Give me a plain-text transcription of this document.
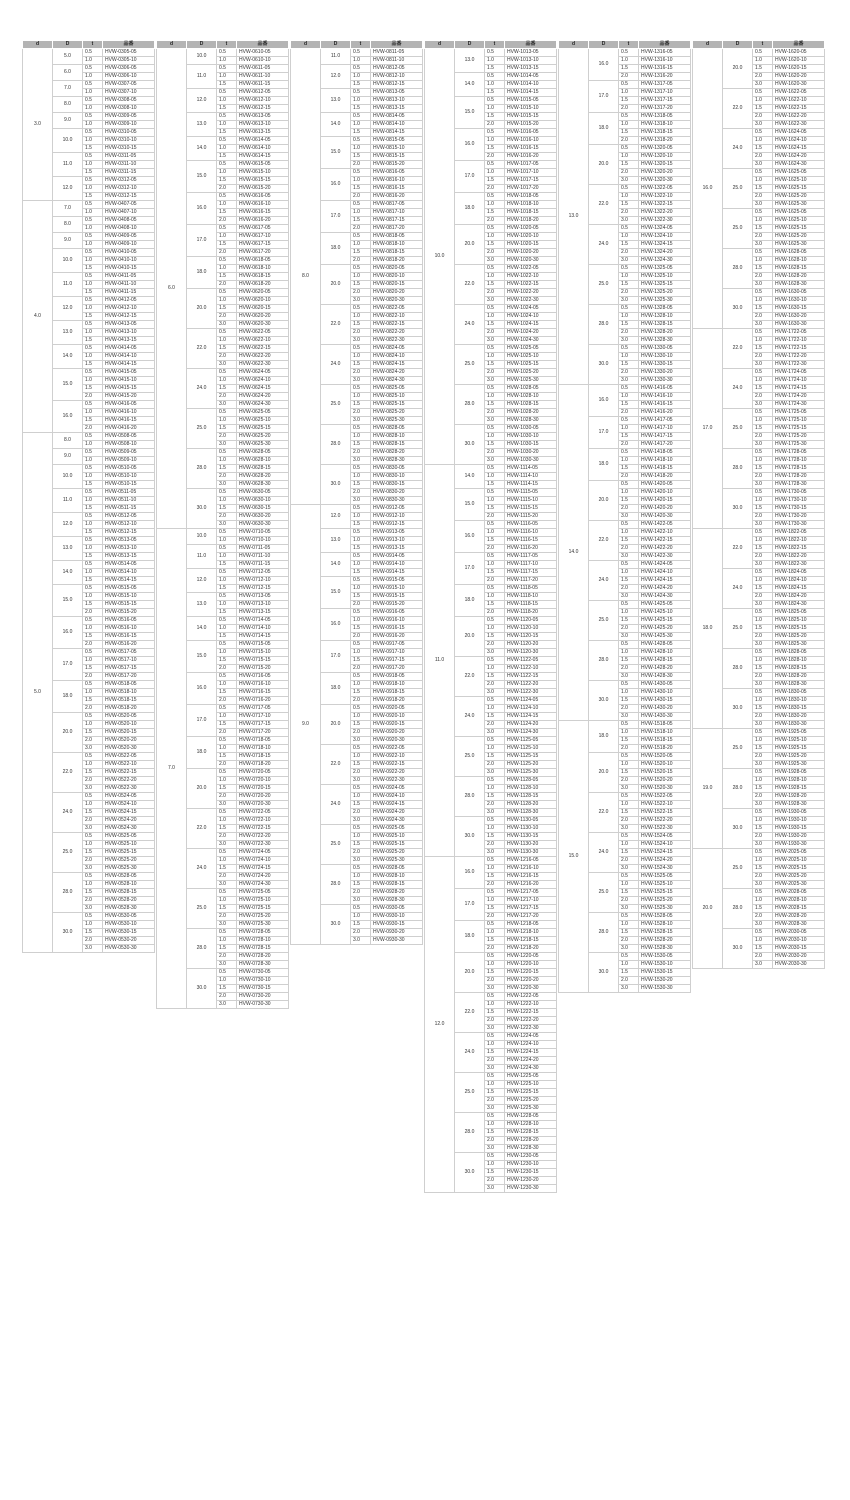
d	D	t	品番
3.0	5.0	0.5	HVW-0305-05
		1.0	HVW-0305-10
	6.0	0.5	HVW-0306-05
		1.0	HVW-0306-10
	7.0	0.5	HVW-0307-05
		1.0	HVW-0307-10
	8.0	0.5	HVW-0308-05
		1.0	HVW-0308-10
	9.0	0.5	HVW-0309-05
		1.0	HVW-0309-10
	10.0	0.5	HVW-0310-05
		1.0	HVW-0310-10
		1.5	HVW-0310-15
	11.0	0.5	HVW-0311-05
		1.0	HVW-0311-10
		1.5	HVW-0311-15
	12.0	0.5	HVW-0312-05
		1.0	HVW-0312-10
		1.5	HVW-0312-15
4.0	7.0	0.5	HVW-0407-05
		1.0	HVW-0407-10
	8.0	0.5	HVW-0408-05
		1.0	HVW-0408-10
	9.0	0.5	HVW-0409-05
		1.0	HVW-0409-10
	10.0	0.5	HVW-0410-05
		1.0	HVW-0410-10
		1.5	HVW-0410-15
	11.0	0.5	HVW-0411-05
		1.0	HVW-0411-10
		1.5	HVW-0411-15
	12.0	0.5	HVW-0412-05
		1.0	HVW-0412-10
		1.5	HVW-0412-15
	13.0	0.5	HVW-0413-05
		1.0	HVW-0413-10
		1.5	HVW-0413-15
	14.0	0.5	HVW-0414-05
		1.0	HVW-0414-10
		1.5	HVW-0414-15
	15.0	0.5	HVW-0415-05
		1.0	HVW-0415-10
		1.5	HVW-0415-15
		2.0	HVW-0415-20
	16.0	0.5	HVW-0416-05
		1.0	HVW-0416-10
		1.5	HVW-0416-15
		2.0	HVW-0416-20
5.0	8.0	0.5	HVW-0508-05
		1.0	HVW-0508-10
	9.0	0.5	HVW-0509-05
		1.0	HVW-0509-10
	10.0	0.5	HVW-0510-05
		1.0	HVW-0510-10
		1.5	HVW-0510-15
	11.0	0.5	HVW-0511-05
		1.0	HVW-0511-10
		1.5	HVW-0511-15
	12.0	0.5	HVW-0512-05
		1.0	HVW-0512-10
		1.5	HVW-0512-15
	13.0	0.5	HVW-0513-05
		1.0	HVW-0513-10
		1.5	HVW-0513-15
	14.0	0.5	HVW-0514-05
		1.0	HVW-0514-10
		1.5	HVW-0514-15
	15.0	0.5	HVW-0515-05
		1.0	HVW-0515-10
		1.5	HVW-0515-15
		2.0	HVW-0515-20
	16.0	0.5	HVW-0516-05
		1.0	HVW-0516-10
		1.5	HVW-0516-15
		2.0	HVW-0516-20
	17.0	0.5	HVW-0517-05
		1.0	HVW-0517-10
		1.5	HVW-0517-15
		2.0	HVW-0517-20
	18.0	0.5	HVW-0518-05
		1.0	HVW-0518-10
		1.5	HVW-0518-15
		2.0	HVW-0518-20
	20.0	0.5	HVW-0520-05
		1.0	HVW-0520-10
		1.5	HVW-0520-15
		2.0	HVW-0520-20
		3.0	HVW-0520-30
	22.0	0.5	HVW-0522-05
		1.0	HVW-0522-10
		1.5	HVW-0522-15
		2.0	HVW-0522-20
		3.0	HVW-0522-30
	24.0	0.5	HVW-0524-05
		1.0	HVW-0524-10
		1.5	HVW-0524-15
		2.0	HVW-0524-20
		3.0	HVW-0524-30
	25.0	0.5	HVW-0525-05
		1.0	HVW-0525-10
		1.5	HVW-0525-15
		2.0	HVW-0525-20
		3.0	HVW-0525-30
	28.0	0.5	HVW-0528-05
		1.0	HVW-0528-10
		1.5	HVW-0528-15
		2.0	HVW-0528-20
		3.0	HVW-0528-30
	30.0	0.5	HVW-0530-05
		1.0	HVW-0530-10
		1.5	HVW-0530-15
		2.0	HVW-0530-20
		3.0	HVW-0530-30
d	D	t	品番
6.0	10.0	0.5	HVW-0610-05
		1.0	HVW-0610-10
	11.0	0.5	HVW-0611-05
		1.0	HVW-0611-10
		1.5	HVW-0611-15
	12.0	0.5	HVW-0612-05
		1.0	HVW-0612-10
		1.5	HVW-0612-15
	13.0	0.5	HVW-0613-05
		1.0	HVW-0613-10
		1.5	HVW-0613-15
	14.0	0.5	HVW-0614-05
		1.0	HVW-0614-10
		1.5	HVW-0614-15
	15.0	0.5	HVW-0615-05
		1.0	HVW-0615-10
		1.5	HVW-0615-15
		2.0	HVW-0615-20
	16.0	0.5	HVW-0616-05
		1.0	HVW-0616-10
		1.5	HVW-0616-15
		2.0	HVW-0616-20
	17.0	0.5	HVW-0617-05
		1.0	HVW-0617-10
		1.5	HVW-0617-15
		2.0	HVW-0617-20
	18.0	0.5	HVW-0618-05
		1.0	HVW-0618-10
		1.5	HVW-0618-15
		2.0	HVW-0618-20
	20.0	0.5	HVW-0620-05
		1.0	HVW-0620-10
		1.5	HVW-0620-15
		2.0	HVW-0620-20
		3.0	HVW-0620-30
	22.0	0.5	HVW-0622-05
		1.0	HVW-0622-10
		1.5	HVW-0622-15
		2.0	HVW-0622-20
		3.0	HVW-0622-30
	24.0	0.5	HVW-0624-05
		1.0	HVW-0624-10
		1.5	HVW-0624-15
		2.0	HVW-0624-20
		3.0	HVW-0624-30
	25.0	0.5	HVW-0625-05
		1.0	HVW-0625-10
		1.5	HVW-0625-15
		2.0	HVW-0625-20
		3.0	HVW-0625-30
	28.0	0.5	HVW-0628-05
		1.0	HVW-0628-10
		1.5	HVW-0628-15
		2.0	HVW-0628-20
		3.0	HVW-0628-30
	30.0	0.5	HVW-0630-05
		1.0	HVW-0630-10
		1.5	HVW-0630-15
		2.0	HVW-0630-20
		3.0	HVW-0630-30
7.0	10.0	0.5	HVW-0710-05
		1.0	HVW-0710-10
	11.0	0.5	HVW-0711-05
		1.0	HVW-0711-10
		1.5	HVW-0711-15
	12.0	0.5	HVW-0712-05
		1.0	HVW-0712-10
		1.5	HVW-0712-15
	13.0	0.5	HVW-0713-05
		1.0	HVW-0713-10
		1.5	HVW-0713-15
	14.0	0.5	HVW-0714-05
		1.0	HVW-0714-10
		1.5	HVW-0714-15
	15.0	0.5	HVW-0715-05
		1.0	HVW-0715-10
		1.5	HVW-0715-15
		2.0	HVW-0715-20
	16.0	0.5	HVW-0716-05
		1.0	HVW-0716-10
		1.5	HVW-0716-15
		2.0	HVW-0716-20
	17.0	0.5	HVW-0717-05
		1.0	HVW-0717-10
		1.5	HVW-0717-15
		2.0	HVW-0717-20
	18.0	0.5	HVW-0718-05
		1.0	HVW-0718-10
		1.5	HVW-0718-15
		2.0	HVW-0718-20
	20.0	0.5	HVW-0720-05
		1.0	HVW-0720-10
		1.5	HVW-0720-15
		2.0	HVW-0720-20
		3.0	HVW-0720-30
	22.0	0.5	HVW-0722-05
		1.0	HVW-0722-10
		1.5	HVW-0722-15
		2.0	HVW-0722-20
		3.0	HVW-0722-30
	24.0	0.5	HVW-0724-05
		1.0	HVW-0724-10
		1.5	HVW-0724-15
		2.0	HVW-0724-20
		3.0	HVW-0724-30
	25.0	0.5	HVW-0725-05
		1.0	HVW-0725-10
		1.5	HVW-0725-15
		2.0	HVW-0725-20
		3.0	HVW-0725-30
	28.0	0.5	HVW-0728-05
		1.0	HVW-0728-10
		1.5	HVW-0728-15
		2.0	HVW-0728-20
		3.0	HVW-0728-30
	30.0	0.5	HVW-0730-05
		1.0	HVW-0730-10
		1.5	HVW-0730-15
		2.0	HVW-0730-20
		3.0	HVW-0730-30
d	D	t	品番
8.0	11.0	0.5	HVW-0811-05
		1.0	HVW-0811-10
	12.0	0.5	HVW-0812-05
		1.0	HVW-0812-10
		1.5	HVW-0812-15
	13.0	0.5	HVW-0813-05
		1.0	HVW-0813-10
		1.5	HVW-0813-15
	14.0	0.5	HVW-0814-05
		1.0	HVW-0814-10
		1.5	HVW-0814-15
	15.0	0.5	HVW-0815-05
		1.0	HVW-0815-10
		1.5	HVW-0815-15
		2.0	HVW-0815-20
	16.0	0.5	HVW-0816-05
		1.0	HVW-0816-10
		1.5	HVW-0816-15
		2.0	HVW-0816-20
	17.0	0.5	HVW-0817-05
		1.0	HVW-0817-10
		1.5	HVW-0817-15
		2.0	HVW-0817-20
	18.0	0.5	HVW-0818-05
		1.0	HVW-0818-10
		1.5	HVW-0818-15
		2.0	HVW-0818-20
	20.0	0.5	HVW-0820-05
		1.0	HVW-0820-10
		1.5	HVW-0820-15
		2.0	HVW-0820-20
		3.0	HVW-0820-30
	22.0	0.5	HVW-0822-05
		1.0	HVW-0822-10
		1.5	HVW-0822-15
		2.0	HVW-0822-20
		3.0	HVW-0822-30
	24.0	0.5	HVW-0824-05
		1.0	HVW-0824-10
		1.5	HVW-0824-15
		2.0	HVW-0824-20
		3.0	HVW-0824-30
	25.0	0.5	HVW-0825-05
		1.0	HVW-0825-10
		1.5	HVW-0825-15
		2.0	HVW-0825-20
		3.0	HVW-0825-30
	28.0	0.5	HVW-0828-05
		1.0	HVW-0828-10
		1.5	HVW-0828-15
		2.0	HVW-0828-20
		3.0	HVW-0828-30
	30.0	0.5	HVW-0830-05
		1.0	HVW-0830-10
		1.5	HVW-0830-15
		2.0	HVW-0830-20
		3.0	HVW-0830-30
9.0	12.0	0.5	HVW-0912-05
		1.0	HVW-0912-10
		1.5	HVW-0912-15
	13.0	0.5	HVW-0913-05
		1.0	HVW-0913-10
		1.5	HVW-0913-15
	14.0	0.5	HVW-0914-05
		1.0	HVW-0914-10
		1.5	HVW-0914-15
	15.0	0.5	HVW-0915-05
		1.0	HVW-0915-10
		1.5	HVW-0915-15
		2.0	HVW-0915-20
	16.0	0.5	HVW-0916-05
		1.0	HVW-0916-10
		1.5	HVW-0916-15
		2.0	HVW-0916-20
	17.0	0.5	HVW-0917-05
		1.0	HVW-0917-10
		1.5	HVW-0917-15
		2.0	HVW-0917-20
	18.0	0.5	HVW-0918-05
		1.0	HVW-0918-10
		1.5	HVW-0918-15
		2.0	HVW-0918-20
	20.0	0.5	HVW-0920-05
		1.0	HVW-0920-10
		1.5	HVW-0920-15
		2.0	HVW-0920-20
		3.0	HVW-0920-30
	22.0	0.5	HVW-0922-05
		1.0	HVW-0922-10
		1.5	HVW-0922-15
		2.0	HVW-0922-20
		3.0	HVW-0922-30
	24.0	0.5	HVW-0924-05
		1.0	HVW-0924-10
		1.5	HVW-0924-15
		2.0	HVW-0924-20
		3.0	HVW-0924-30
	25.0	0.5	HVW-0925-05
		1.0	HVW-0925-10
		1.5	HVW-0925-15
		2.0	HVW-0925-20
		3.0	HVW-0925-30
	28.0	0.5	HVW-0928-05
		1.0	HVW-0928-10
		1.5	HVW-0928-15
		2.0	HVW-0928-20
		3.0	HVW-0928-30
	30.0	0.5	HVW-0930-05
		1.0	HVW-0930-10
		1.5	HVW-0930-15
		2.0	HVW-0930-20
		3.0	HVW-0930-30
d	D	t	品番
10.0	13.0	0.5	HVW-1013-05
		1.0	HVW-1013-10
		1.5	HVW-1013-15
	14.0	0.5	HVW-1014-05
		1.0	HVW-1014-10
		1.5	HVW-1014-15
	15.0	0.5	HVW-1015-05
		1.0	HVW-1015-10
		1.5	HVW-1015-15
		2.0	HVW-1015-20
	16.0	0.5	HVW-1016-05
		1.0	HVW-1016-10
		1.5	HVW-1016-15
		2.0	HVW-1016-20
	17.0	0.5	HVW-1017-05
		1.0	HVW-1017-10
		1.5	HVW-1017-15
		2.0	HVW-1017-20
	18.0	0.5	HVW-1018-05
		1.0	HVW-1018-10
		1.5	HVW-1018-15
		2.0	HVW-1018-20
	20.0	0.5	HVW-1020-05
		1.0	HVW-1020-10
		1.5	HVW-1020-15
		2.0	HVW-1020-20
		3.0	HVW-1020-30
	22.0	0.5	HVW-1022-05
		1.0	HVW-1022-10
		1.5	HVW-1022-15
		2.0	HVW-1022-20
		3.0	HVW-1022-30
	24.0	0.5	HVW-1024-05
		1.0	HVW-1024-10
		1.5	HVW-1024-15
		2.0	HVW-1024-20
		3.0	HVW-1024-30
	25.0	0.5	HVW-1025-05
		1.0	HVW-1025-10
		1.5	HVW-1025-15
		2.0	HVW-1025-20
		3.0	HVW-1025-30
	28.0	0.5	HVW-1028-05
		1.0	HVW-1028-10
		1.5	HVW-1028-15
		2.0	HVW-1028-20
		3.0	HVW-1028-30
	30.0	0.5	HVW-1030-05
		1.0	HVW-1030-10
		1.5	HVW-1030-15
		2.0	HVW-1030-20
		3.0	HVW-1030-30
11.0	14.0	0.5	HVW-1114-05
		1.0	HVW-1114-10
		1.5	HVW-1114-15
	15.0	0.5	HVW-1115-05
		1.0	HVW-1115-10
		1.5	HVW-1115-15
		2.0	HVW-1115-20
	16.0	0.5	HVW-1116-05
		1.0	HVW-1116-10
		1.5	HVW-1116-15
		2.0	HVW-1116-20
	17.0	0.5	HVW-1117-05
		1.0	HVW-1117-10
		1.5	HVW-1117-15
		2.0	HVW-1117-20
	18.0	0.5	HVW-1118-05
		1.0	HVW-1118-10
		1.5	HVW-1118-15
		2.0	HVW-1118-20
	20.0	0.5	HVW-1120-05
		1.0	HVW-1120-10
		1.5	HVW-1120-15
		2.0	HVW-1120-20
		3.0	HVW-1120-30
	22.0	0.5	HVW-1122-05
		1.0	HVW-1122-10
		1.5	HVW-1122-15
		2.0	HVW-1122-20
		3.0	HVW-1122-30
	24.0	0.5	HVW-1124-05
		1.0	HVW-1124-10
		1.5	HVW-1124-15
		2.0	HVW-1124-20
		3.0	HVW-1124-30
	25.0	0.5	HVW-1125-05
		1.0	HVW-1125-10
		1.5	HVW-1125-15
		2.0	HVW-1125-20
		3.0	HVW-1125-30
	28.0	0.5	HVW-1128-05
		1.0	HVW-1128-10
		1.5	HVW-1128-15
		2.0	HVW-1128-20
		3.0	HVW-1128-30
	30.0	0.5	HVW-1130-05
		1.0	HVW-1130-10
		1.5	HVW-1130-15
		2.0	HVW-1130-20
		3.0	HVW-1130-30
12.0	16.0	0.5	HVW-1216-05
		1.0	HVW-1216-10
		1.5	HVW-1216-15
		2.0	HVW-1216-20
	17.0	0.5	HVW-1217-05
		1.0	HVW-1217-10
		1.5	HVW-1217-15
		2.0	HVW-1217-20
	18.0	0.5	HVW-1218-05
		1.0	HVW-1218-10
		1.5	HVW-1218-15
		2.0	HVW-1218-20
	20.0	0.5	HVW-1220-05
		1.0	HVW-1220-10
		1.5	HVW-1220-15
		2.0	HVW-1220-20
		3.0	HVW-1220-30
	22.0	0.5	HVW-1222-05
		1.0	HVW-1222-10
		1.5	HVW-1222-15
		2.0	HVW-1222-20
		3.0	HVW-1222-30
	24.0	0.5	HVW-1224-05
		1.0	HVW-1224-10
		1.5	HVW-1224-15
		2.0	HVW-1224-20
		3.0	HVW-1224-30
	25.0	0.5	HVW-1225-05
		1.0	HVW-1225-10
		1.5	HVW-1225-15
		2.0	HVW-1225-20
		3.0	HVW-1225-30
	28.0	0.5	HVW-1228-05
		1.0	HVW-1228-10
		1.5	HVW-1228-15
		2.0	HVW-1228-20
		3.0	HVW-1228-30
	30.0	0.5	HVW-1230-05
		1.0	HVW-1230-10
		1.5	HVW-1230-15
		2.0	HVW-1230-20
		3.0	HVW-1230-30
d	D	t	品番
13.0	16.0	0.5	HVW-1316-05
		1.0	HVW-1316-10
		1.5	HVW-1316-15
		2.0	HVW-1316-20
	17.0	0.5	HVW-1317-05
		1.0	HVW-1317-10
		1.5	HVW-1317-15
		2.0	HVW-1317-20
	18.0	0.5	HVW-1318-05
		1.0	HVW-1318-10
		1.5	HVW-1318-15
		2.0	HVW-1318-20
	20.0	0.5	HVW-1320-05
		1.0	HVW-1320-10
		1.5	HVW-1320-15
		2.0	HVW-1320-20
		3.0	HVW-1320-30
	22.0	0.5	HVW-1322-05
		1.0	HVW-1322-10
		1.5	HVW-1322-15
		2.0	HVW-1322-20
		3.0	HVW-1322-30
	24.0	0.5	HVW-1324-05
		1.0	HVW-1324-10
		1.5	HVW-1324-15
		2.0	HVW-1324-20
		3.0	HVW-1324-30
	25.0	0.5	HVW-1325-05
		1.0	HVW-1325-10
		1.5	HVW-1325-15
		2.0	HVW-1325-20
		3.0	HVW-1325-30
	28.0	0.5	HVW-1328-05
		1.0	HVW-1328-10
		1.5	HVW-1328-15
		2.0	HVW-1328-20
		3.0	HVW-1328-30
	30.0	0.5	HVW-1330-05
		1.0	HVW-1330-10
		1.5	HVW-1330-15
		2.0	HVW-1330-20
		3.0	HVW-1330-30
14.0	16.0	0.5	HVW-1416-05
		1.0	HVW-1416-10
		1.5	HVW-1416-15
		2.0	HVW-1416-20
	17.0	0.5	HVW-1417-05
		1.0	HVW-1417-10
		1.5	HVW-1417-15
		2.0	HVW-1417-20
	18.0	0.5	HVW-1418-05
		1.0	HVW-1418-10
		1.5	HVW-1418-15
		2.0	HVW-1418-20
	20.0	0.5	HVW-1420-05
		1.0	HVW-1420-10
		1.5	HVW-1420-15
		2.0	HVW-1420-20
		3.0	HVW-1420-30
	22.0	0.5	HVW-1422-05
		1.0	HVW-1422-10
		1.5	HVW-1422-15
		2.0	HVW-1422-20
		3.0	HVW-1422-30
	24.0	0.5	HVW-1424-05
		1.0	HVW-1424-10
		1.5	HVW-1424-15
		2.0	HVW-1424-20
		3.0	HVW-1424-30
	25.0	0.5	HVW-1425-05
		1.0	HVW-1425-10
		1.5	HVW-1425-15
		2.0	HVW-1425-20
		3.0	HVW-1425-30
	28.0	0.5	HVW-1428-05
		1.0	HVW-1428-10
		1.5	HVW-1428-15
		2.0	HVW-1428-20
		3.0	HVW-1428-30
	30.0	0.5	HVW-1430-05
		1.0	HVW-1430-10
		1.5	HVW-1430-15
		2.0	HVW-1430-20
		3.0	HVW-1430-30
15.0	18.0	0.5	HVW-1518-05
		1.0	HVW-1518-10
		1.5	HVW-1518-15
		2.0	HVW-1518-20
	20.0	0.5	HVW-1520-05
		1.0	HVW-1520-10
		1.5	HVW-1520-15
		2.0	HVW-1520-20
		3.0	HVW-1520-30
	22.0	0.5	HVW-1522-05
		1.0	HVW-1522-10
		1.5	HVW-1522-15
		2.0	HVW-1522-20
		3.0	HVW-1522-30
	24.0	0.5	HVW-1524-05
		1.0	HVW-1524-10
		1.5	HVW-1524-15
		2.0	HVW-1524-20
		3.0	HVW-1524-30
	25.0	0.5	HVW-1525-05
		1.0	HVW-1525-10
		1.5	HVW-1525-15
		2.0	HVW-1525-20
		3.0	HVW-1525-30
	28.0	0.5	HVW-1528-05
		1.0	HVW-1528-10
		1.5	HVW-1528-15
		2.0	HVW-1528-20
		3.0	HVW-1528-30
	30.0	0.5	HVW-1530-05
		1.0	HVW-1530-10
		1.5	HVW-1530-15
		2.0	HVW-1530-20
		3.0	HVW-1530-30
d	D	t	品番
16.0	20.0	0.5	HVW-1620-05
		1.0	HVW-1620-10
		1.5	HVW-1620-15
		2.0	HVW-1620-20
		3.0	HVW-1620-30
	22.0	0.5	HVW-1622-05
		1.0	HVW-1622-10
		1.5	HVW-1622-15
		2.0	HVW-1622-20
		3.0	HVW-1622-30
	24.0	0.5	HVW-1624-05
		1.0	HVW-1624-10
		1.5	HVW-1624-15
		2.0	HVW-1624-20
		3.0	HVW-1624-30
	25.0	0.5	HVW-1625-05
		1.0	HVW-1625-10
		1.5	HVW-1625-15
		2.0	HVW-1625-20
		3.0	HVW-1625-30
	25.0	0.5	HVW-1625-05
		1.0	HVW-1625-10
		1.5	HVW-1625-15
		2.0	HVW-1625-20
		3.0	HVW-1625-30
	28.0	0.5	HVW-1628-05
		1.0	HVW-1628-10
		1.5	HVW-1628-15
		2.0	HVW-1628-20
		3.0	HVW-1628-30
	30.0	0.5	HVW-1630-05
		1.0	HVW-1630-10
		1.5	HVW-1630-15
		2.0	HVW-1630-20
		3.0	HVW-1630-30
17.0	22.0	0.5	HVW-1722-05
		1.0	HVW-1722-10
		1.5	HVW-1722-15
		2.0	HVW-1722-20
		3.0	HVW-1722-30
	24.0	0.5	HVW-1724-05
		1.0	HVW-1724-10
		1.5	HVW-1724-15
		2.0	HVW-1724-20
		3.0	HVW-1724-30
	25.0	0.5	HVW-1725-05
		1.0	HVW-1725-10
		1.5	HVW-1725-15
		2.0	HVW-1725-20
		3.0	HVW-1725-30
	28.0	0.5	HVW-1728-05
		1.0	HVW-1728-10
		1.5	HVW-1728-15
		2.0	HVW-1728-20
		3.0	HVW-1728-30
	30.0	0.5	HVW-1730-05
		1.0	HVW-1730-10
		1.5	HVW-1730-15
		2.0	HVW-1730-20
		3.0	HVW-1730-30
18.0	22.0	0.5	HVW-1822-05
		1.0	HVW-1822-10
		1.5	HVW-1822-15
		2.0	HVW-1822-20
		3.0	HVW-1822-30
	24.0	0.5	HVW-1824-05
		1.0	HVW-1824-10
		1.5	HVW-1824-15
		2.0	HVW-1824-20
		3.0	HVW-1824-30
	25.0	0.5	HVW-1825-05
		1.0	HVW-1825-10
		1.5	HVW-1825-15
		2.0	HVW-1825-20
		3.0	HVW-1825-30
	28.0	0.5	HVW-1828-05
		1.0	HVW-1828-10
		1.5	HVW-1828-15
		2.0	HVW-1828-20
		3.0	HVW-1828-30
	30.0	0.5	HVW-1830-05
		1.0	HVW-1830-10
		1.5	HVW-1830-15
		2.0	HVW-1830-20
		3.0	HVW-1830-30
19.0	25.0	0.5	HVW-1925-05
		1.0	HVW-1925-10
		1.5	HVW-1925-15
		2.0	HVW-1925-20
		3.0	HVW-1925-30
	28.0	0.5	HVW-1928-05
		1.0	HVW-1928-10
		1.5	HVW-1928-15
		2.0	HVW-1928-20
		3.0	HVW-1928-30
	30.0	0.5	HVW-1930-05
		1.0	HVW-1930-10
		1.5	HVW-1930-15
		2.0	HVW-1930-20
		3.0	HVW-1930-30
20.0	25.0	0.5	HVW-2025-05
		1.0	HVW-2025-10
		1.5	HVW-2025-15
		2.0	HVW-2025-20
		3.0	HVW-2025-30
	28.0	0.5	HVW-2028-05
		1.0	HVW-2028-10
		1.5	HVW-2028-15
		2.0	HVW-2028-20
		3.0	HVW-2028-30
	30.0	0.5	HVW-2030-05
		1.0	HVW-2030-10
		1.5	HVW-2030-15
		2.0	HVW-2030-20
		3.0	HVW-2030-30
